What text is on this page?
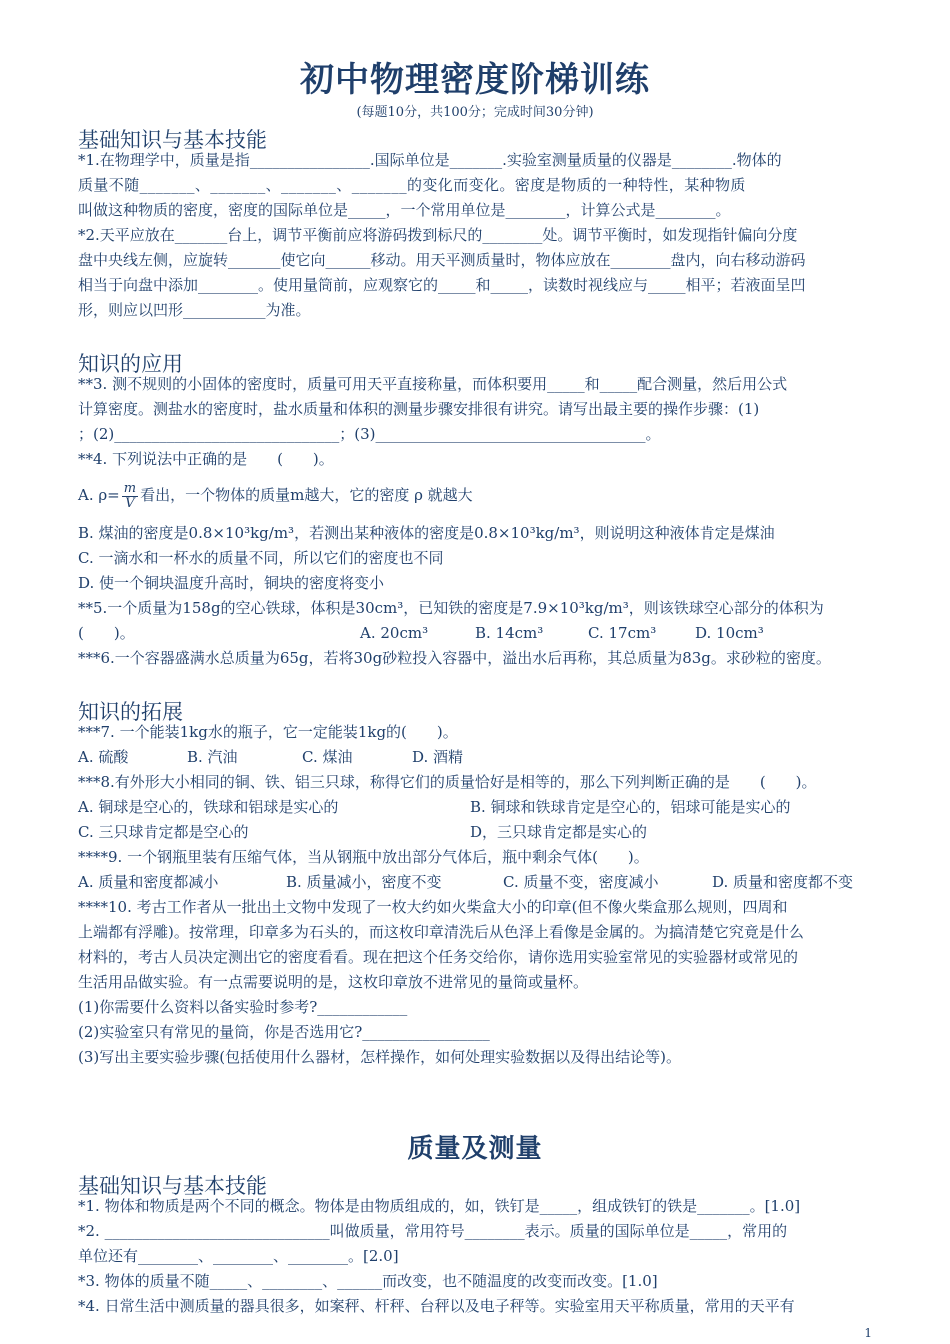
初中物理密度阶梯训练
(每题10分，共100分；完成时间30分钟)
基础知识与基本技能
*1.在物理学中，质量是指________________.国际单位是_______.实验室测量质量的仪器是________.物体的
质量不随_______、_______、_______、_______的变化而变化。密度是物质的一种特性，某种物质
叫做这种物质的密度，密度的国际单位是_____，一个常用单位是________，计算公式是________。
*2.天平应放在_______台上，调节平衡前应将游码拨到标尺的________处。调节平衡时，如发现指针偏向分度
盘中央线左侧，应旋转_______使它向______移动。用天平测质量时，物体应放在________盘内，向右移动游码
相当于向盘中添加________。使用量筒前，应观察它的_____和_____，读数时视线应与_____相平；若液面呈凹
形，则应以凹形___________为准。
知识的应用
**3. 测不规则的小固体的密度时，质量可用天平直接称量，而体积要用_____和_____配合测量，然后用公式
计算密度。测盐水的密度时，盐水质量和体积的测量步骤安排很有讲究。请写出最主要的操作步骤：(1)
；(2)______________________________；(3)____________________________________。
**4. 下列说法中正确的是　　(　　)。
A. $\rho= \frac{m}{V}$ 看出，一个物体的质量m越大，它的密度 ρ 就越大
B. 煤油的密度是0.8×10³kg/m³，若测出某种液体的密度是0.8×10³kg/m³，则说明这种液体肯定是煤油
C. 一滴水和一杯水的质量不同，所以它们的密度也不同
D. 使一个铜块温度升高时，铜块的密度将变小
**5.一个质量为158g的空心铁球，体积是30cm³，已知铁的密度是7.9×10³kg/m³，则该铁球空心部分的体积为
(　　)。	A. 20cm³	B. 14cm³	C. 17cm³	D. 10cm³
***6.一个容器盛满水总质量为65g，若将30g砂粒投入容器中，溢出水后再称，其总质量为83g。求砂粒的密度。
知识的拓展
***7. 一个能装1kg水的瓶子，它一定能装1kg的(　　)。
A. 硫酸	B. 汽油	C. 煤油	D. 酒精
***8.有外形大小相同的铜、铁、铝三只球，称得它们的质量恰好是相等的，那么下列判断正确的是　　(　　)。
A. 铜球是空心的，铁球和铝球是实心的	B. 铜球和铁球肯定是空心的，铝球可能是实心的
C. 三只球肯定都是空心的	D，三只球肯定都是实心的
****9. 一个钢瓶里装有压缩气体，当从钢瓶中放出部分气体后，瓶中剩余气体(　　)。
A. 质量和密度都减小	B. 质量减小，密度不变	C. 质量不变，密度减小	D. 质量和密度都不变
****10. 考古工作者从一批出土文物中发现了一枚大约如火柴盒大小的印章(但不像火柴盒那么规则，四周和
上端都有浮雕)。按常理，印章多为石头的，而这枚印章清洗后从色泽上看像是金属的。为搞清楚它究竟是什么
材料的，考古人员决定测出它的密度看看。现在把这个任务交给你，请你选用实验室常见的实验器材或常见的
生活用品做实验。有一点需要说明的是，这枚印章放不进常见的量筒或量杯。
(1)你需要什么资料以备实验时参考?____________
(2)实验室只有常见的量筒，你是否选用它?_________________
(3)写出主要实验步骤(包括使用什么器材，怎样操作，如何处理实验数据以及得出结论等)。
质量及测量
基础知识与基本技能
*1. 物体和物质是两个不同的概念。物体是由物质组成的，如，铁钉是_____，组成铁钉的铁是_______。[1.0]
*2. ______________________________叫做质量，常用符号________表示。质量的国际单位是_____，常用的
单位还有________、________、________。[2.0]
*3. 物体的质量不随_____、________、______而改变，也不随温度的改变而改变。[1.0]
*4. 日常生活中测质量的器具很多，如案秤、杆秤、台秤以及电子秤等。实验室用天平称质量，常用的天平有
1
